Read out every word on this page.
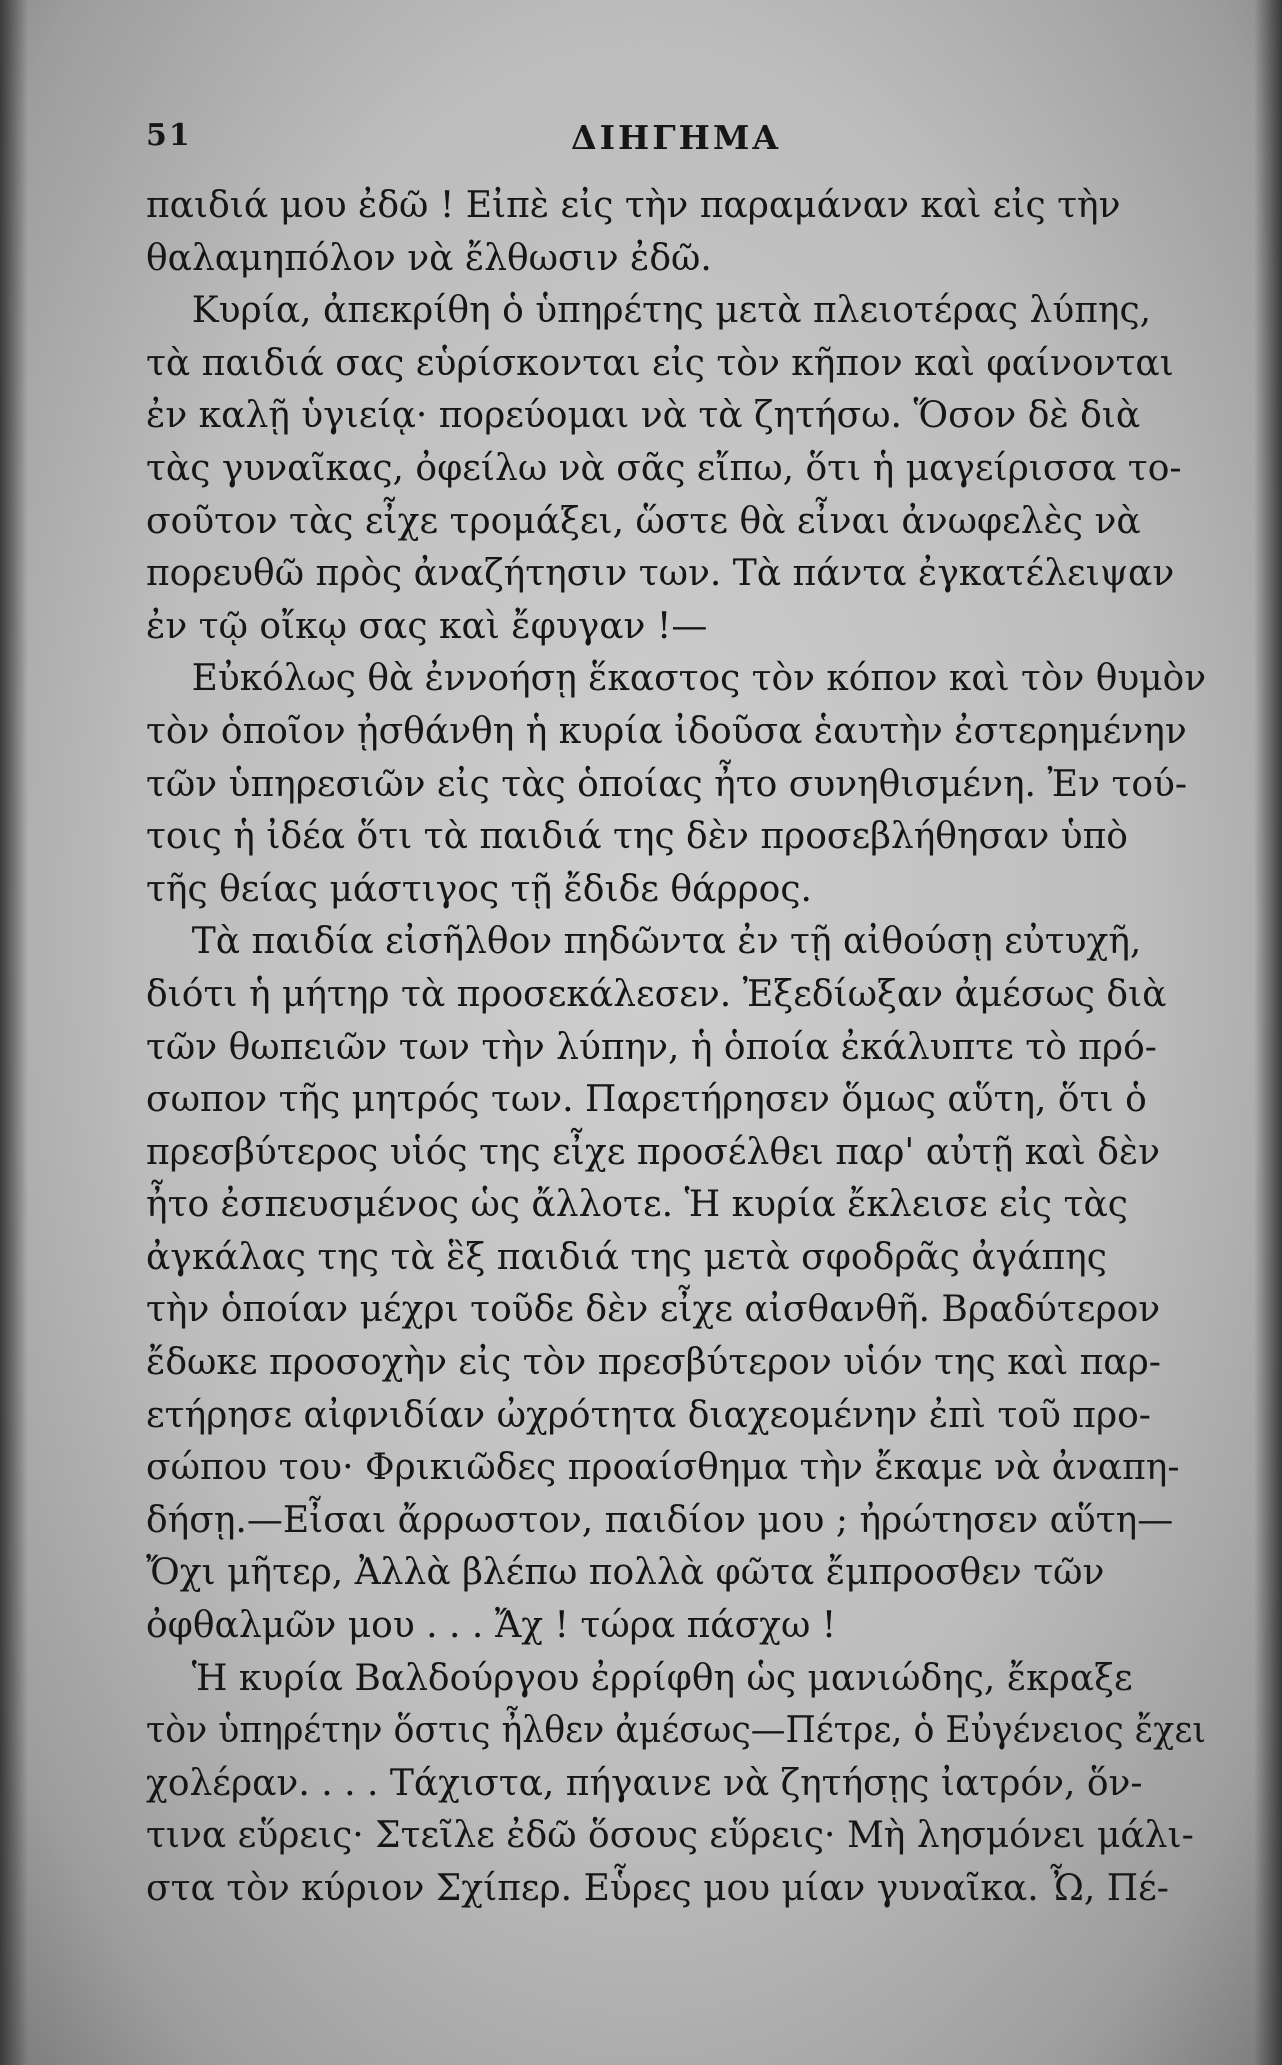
51	ΔΙΗΓΗΜΑ
παιδιά μου ἐδῶ ! Εἰπὲ εἰς τὴν παραμάναν καὶ εἰς τὴν
θαλαμηπόλον νὰ ἔλθωσιν ἐδῶ.
Κυρία, ἀπεκρίθη ὁ ὑπηρέτης μετὰ πλειοτέρας λύπης,
τὰ παιδιά σας εὑρίσκονται εἰς τὸν κῆπον καὶ φαίνονται
ἐν καλῇ ὑγιείᾳ· πορεύομαι νὰ τὰ ζητήσω. Ὅσον δὲ διὰ
τὰς γυναῖκας, ὀφείλω νὰ σᾶς εἴπω, ὅτι ἡ μαγείρισσα το-
σοῦτον τὰς εἶχε τρομάξει, ὥστε θὰ εἶναι ἀνωφελὲς νὰ
πορευθῶ πρὸς ἀναζήτησιν των. Τὰ πάντα ἐγκατέλειψαν
ἐν τῷ οἴκῳ σας καὶ ἔφυγαν !—
Εὐκόλως θὰ ἐννοήσῃ ἕκαστος τὸν κόπον καὶ τὸν θυμὸν
τὸν ὁποῖον ᾐσθάνθη ἡ κυρία ἰδοῦσα ἑαυτὴν ἐστερημένην
τῶν ὑπηρεσιῶν εἰς τὰς ὁποίας ἦτο συνηθισμένη. Ἐν τού-
τοις ἡ ἰδέα ὅτι τὰ παιδιά της δὲν προσεβλήθησαν ὑπὸ
τῆς θείας μάστιγος τῇ ἔδιδε θάρρος.
Τὰ παιδία εἰσῆλθον πηδῶντα ἐν τῇ αἰθούσῃ εὐτυχῆ,
διότι ἡ μήτηρ τὰ προσεκάλεσεν. Ἐξεδίωξαν ἀμέσως διὰ
τῶν θωπειῶν των τὴν λύπην, ἡ ὁποία ἐκάλυπτε τὸ πρό-
σωπον τῆς μητρός των. Παρετήρησεν ὅμως αὕτη, ὅτι ὁ
πρεσβύτερος υἱός της εἶχε προσέλθει παρ' αὐτῇ καὶ δὲν
ἦτο ἐσπευσμένος ὡς ἄλλοτε. Ἡ κυρία ἔκλεισε εἰς τὰς
ἀγκάλας της τὰ ἓξ παιδιά της μετὰ σφοδρᾶς ἀγάπης
τὴν ὁποίαν μέχρι τοῦδε δὲν εἶχε αἰσθανθῆ. Βραδύτερον
ἔδωκε προσοχὴν εἰς τὸν πρεσβύτερον υἱόν της καὶ παρ-
ετήρησε αἰφνιδίαν ὠχρότητα διαχεομένην ἐπὶ τοῦ προ-
σώπου του· Φρικιῶδες προαίσθημα τὴν ἔκαμε νὰ ἀναπη-
δήσῃ.—Εἶσαι ἄρρωστον, παιδίον μου ; ἠρώτησεν αὕτη—
Ὄχι μῆτερ, Ἀλλὰ βλέπω πολλὰ φῶτα ἔμπροσθεν τῶν
ὀφθαλμῶν μου . . . Ἄχ ! τώρα πάσχω !
Ἡ κυρία Βαλδούργου ἐρρίφθη ὡς μανιώδης, ἔκραξε
τὸν ὑπηρέτην ὅστις ἦλθεν ἀμέσως—Πέτρε, ὁ Εὐγένειος ἔχει
χολέραν. . . . Τάχιστα, πήγαινε νὰ ζητήσῃς ἰατρόν, ὅν-
τινα εὕρεις· Στεῖλε ἐδῶ ὅσους εὕρεις· Μὴ λησμόνει μάλι-
στα τὸν κύριον Σχίπερ. Εὗρες μου μίαν γυναῖκα. Ὦ, Πέ-
